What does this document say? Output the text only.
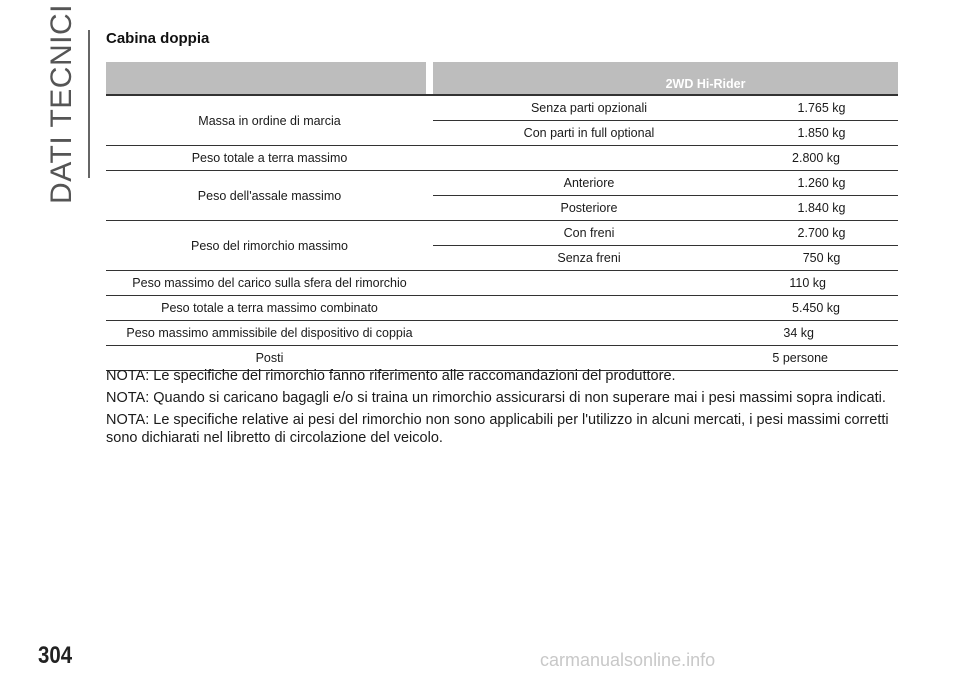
DATI TECNICI Cabina doppia
2WD Hi-Rider
Massa in ordine di marcia
Senza parti opzionali	1.765 kg
Con parti in full optional	1.850 kg
Peso totale a terra massimo	2.800 kg
Peso dell'assale massimo
Anteriore	1.260 kg
Posteriore	1.840 kg
Peso del rimorchio massimo
Con freni	2.700 kg
Senza freni	750 kg
Peso massimo del carico sulla sfera del rimorchio	110 kg
Peso totale a terra massimo combinato	5.450 kg
Peso massimo ammissibile del dispositivo di coppia	34 kg
Posti	5 persone

NOTA: Le specifiche del rimorchio fanno riferimento alle raccomandazioni del produttore.

NOTA: Quando si caricano bagagli e/o si traina un rimorchio assicurarsi di non superare mai i pesi massimi sopra indicati.

NOTA: Le specifiche relative ai pesi del rimorchio non sono applicabili per l'utilizzo in alcuni mercati, i pesi massimi corretti sono dichiarati nel libretto di circolazione del veicolo.

304	carmanualsonline.info
